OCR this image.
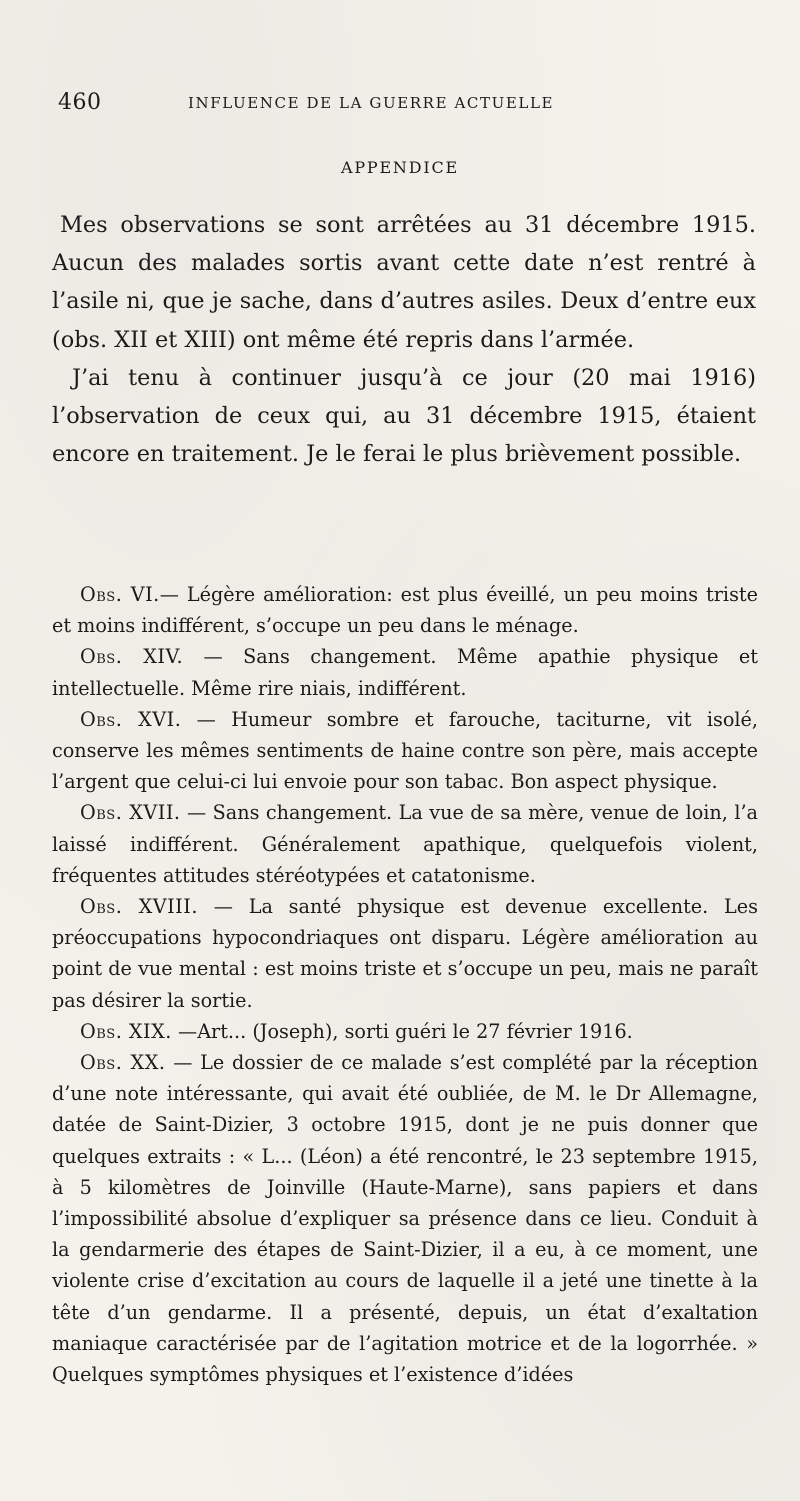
460	INFLUENCE DE LA GUERRE ACTUELLE
APPENDICE

Mes observations se sont arrêtées au 31 décembre 1915. Aucun des malades sortis avant cette date n’est rentré à l’asile ni, que je sache, dans d’autres asiles. Deux d’entre eux (obs. XII et XIII) ont même été repris dans l’armée.

J’ai tenu à continuer jusqu’à ce jour (20 mai 1916) l’observation de ceux qui, au 31 décembre 1915, étaient encore en traitement. Je le ferai le plus brièvement possible.

Obs. VI.— Légère amélioration: est plus éveillé, un peu moins triste et moins indifférent, s’occupe un peu dans le ménage.

Obs. XIV. — Sans changement. Même apathie physique et intellectuelle. Même rire niais, indifférent.

Obs. XVI. — Humeur sombre et farouche, taciturne, vit isolé, conserve les mêmes sentiments de haine contre son père, mais accepte l’argent que celui-ci lui envoie pour son tabac. Bon aspect physique.

Obs. XVII. — Sans changement. La vue de sa mère, venue de loin, l’a laissé indifférent. Généralement apathique, quelquefois violent, fréquentes attitudes stéréotypées et catatonisme.

Obs. XVIII. — La santé physique est devenue excellente. Les préoccupations hypocondriaques ont disparu. Légère amélioration au point de vue mental : est moins triste et s’occupe un peu, mais ne paraît pas désirer la sortie.

Obs. XIX. —Art... (Joseph), sorti guéri le 27 février 1916.

Obs. XX. — Le dossier de ce malade s’est complété par la réception d’une note intéressante, qui avait été oubliée, de M. le Dr Allemagne, datée de Saint-Dizier, 3 octobre 1915, dont je ne puis donner que quelques extraits : « L... (Léon) a été rencontré, le 23 septembre 1915, à 5 kilomètres de Joinville (Haute-Marne), sans papiers et dans l’impossibilité absolue d’expliquer sa présence dans ce lieu. Conduit à la gendarmerie des étapes de Saint-Dizier, il a eu, à ce moment, une violente crise d’excitation au cours de laquelle il a jeté une tinette à la tête d’un gendarme. Il a présenté, depuis, un état d’exaltation maniaque caractérisée par de l’agitation motrice et de la logorrhée. » Quelques symptômes physiques et l’existence d’idées
